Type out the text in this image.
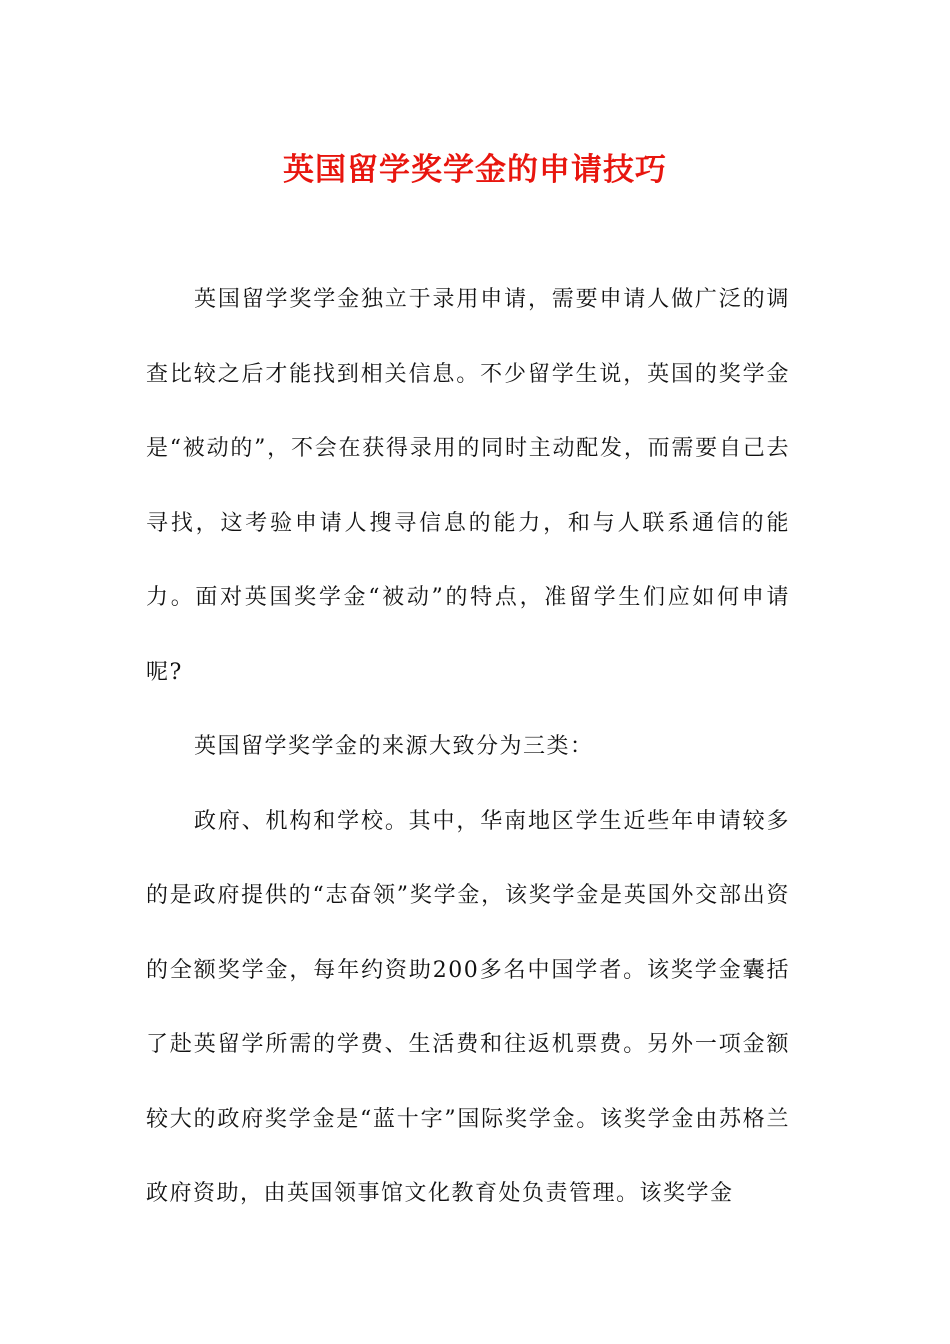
英国留学奖学金的申请技巧

英国留学奖学金独立于录用申请，需要申请人做广泛的调查比较之后才能找到相关信息。不少留学生说，英国的奖学金是“被动的”，不会在获得录用的同时主动配发，而需要自己去寻找，这考验申请人搜寻信息的能力，和与人联系通信的能力。面对英国奖学金“被动”的特点，准留学生们应如何申请呢?

英国留学奖学金的来源大致分为三类：

政府、机构和学校。其中，华南地区学生近些年申请较多的是政府提供的“志奋领”奖学金，该奖学金是英国外交部出资的全额奖学金，每年约资助200多名中国学者。该奖学金囊括了赴英留学所需的学费、生活费和往返机票费。另外一项金额较大的政府奖学金是“蓝十字”国际奖学金。该奖学金由苏格兰政府资助，由英国领事馆文化教育处负责管理。该奖学金
